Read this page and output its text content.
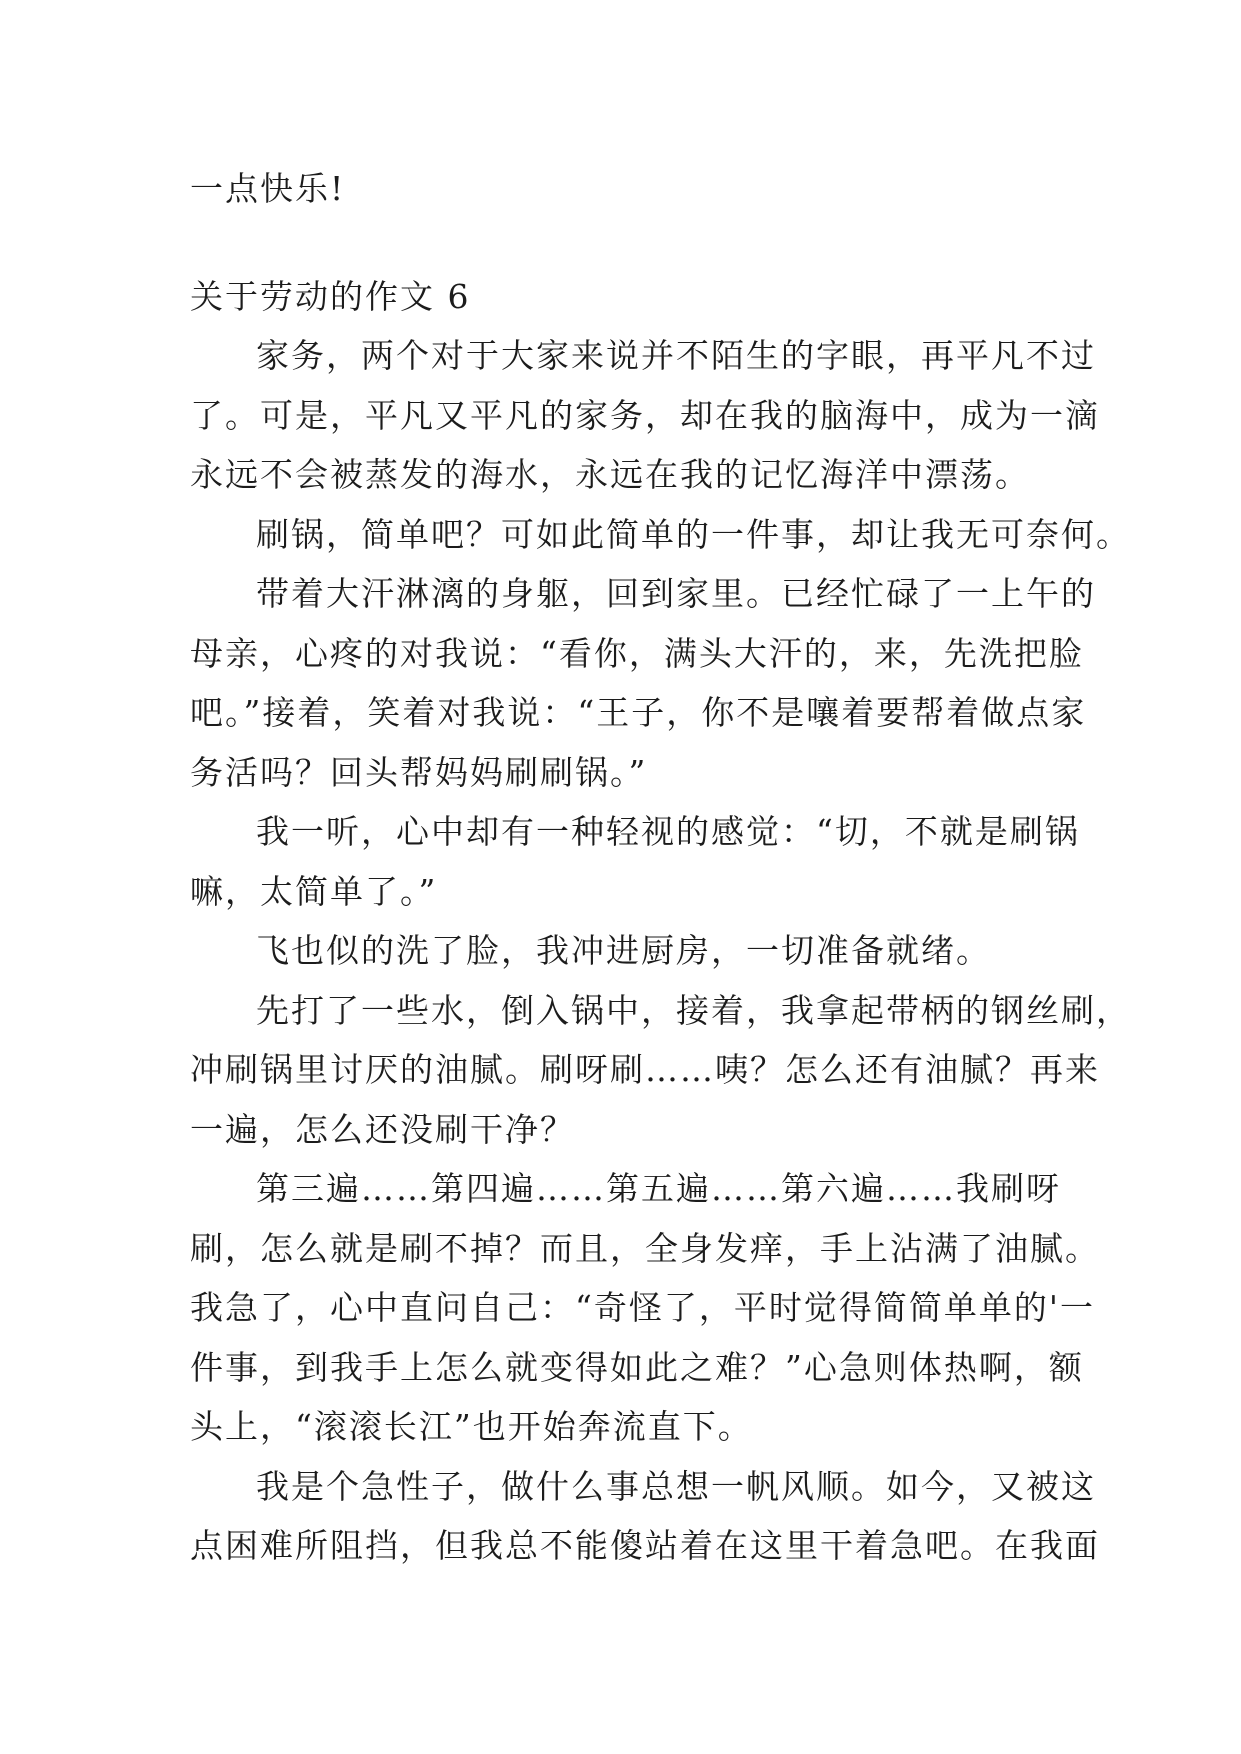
一点快乐!
关于劳动的作文 6
家务，两个对于大家来说并不陌生的字眼，再平凡不过
了。可是，平凡又平凡的家务，却在我的脑海中，成为一滴
永远不会被蒸发的海水，永远在我的记忆海洋中漂荡。
刷锅，简单吧？可如此简单的一件事，却让我无可奈何。
带着大汗淋漓的身躯，回到家里。已经忙碌了一上午的
母亲，心疼的对我说：“看你，满头大汗的，来，先洗把脸
吧。”接着，笑着对我说：“王子，你不是嚷着要帮着做点家
务活吗？回头帮妈妈刷刷锅。”
我一听，心中却有一种轻视的感觉：“切，不就是刷锅
嘛，太简单了。”
飞也似的洗了脸，我冲进厨房，一切准备就绪。
先打了一些水，倒入锅中，接着，我拿起带柄的钢丝刷，
冲刷锅里讨厌的油腻。刷呀刷……咦？怎么还有油腻？再来
一遍，怎么还没刷干净？
第三遍……第四遍……第五遍……第六遍……我刷呀
刷，怎么就是刷不掉？而且，全身发痒，手上沾满了油腻。
我急了，心中直问自己：“奇怪了，平时觉得简简单单的'一
件事，到我手上怎么就变得如此之难？”心急则体热啊，额
头上，“滚滚长江”也开始奔流直下。
我是个急性子，做什么事总想一帆风顺。如今，又被这
点困难所阻挡，但我总不能傻站着在这里干着急吧。在我面
